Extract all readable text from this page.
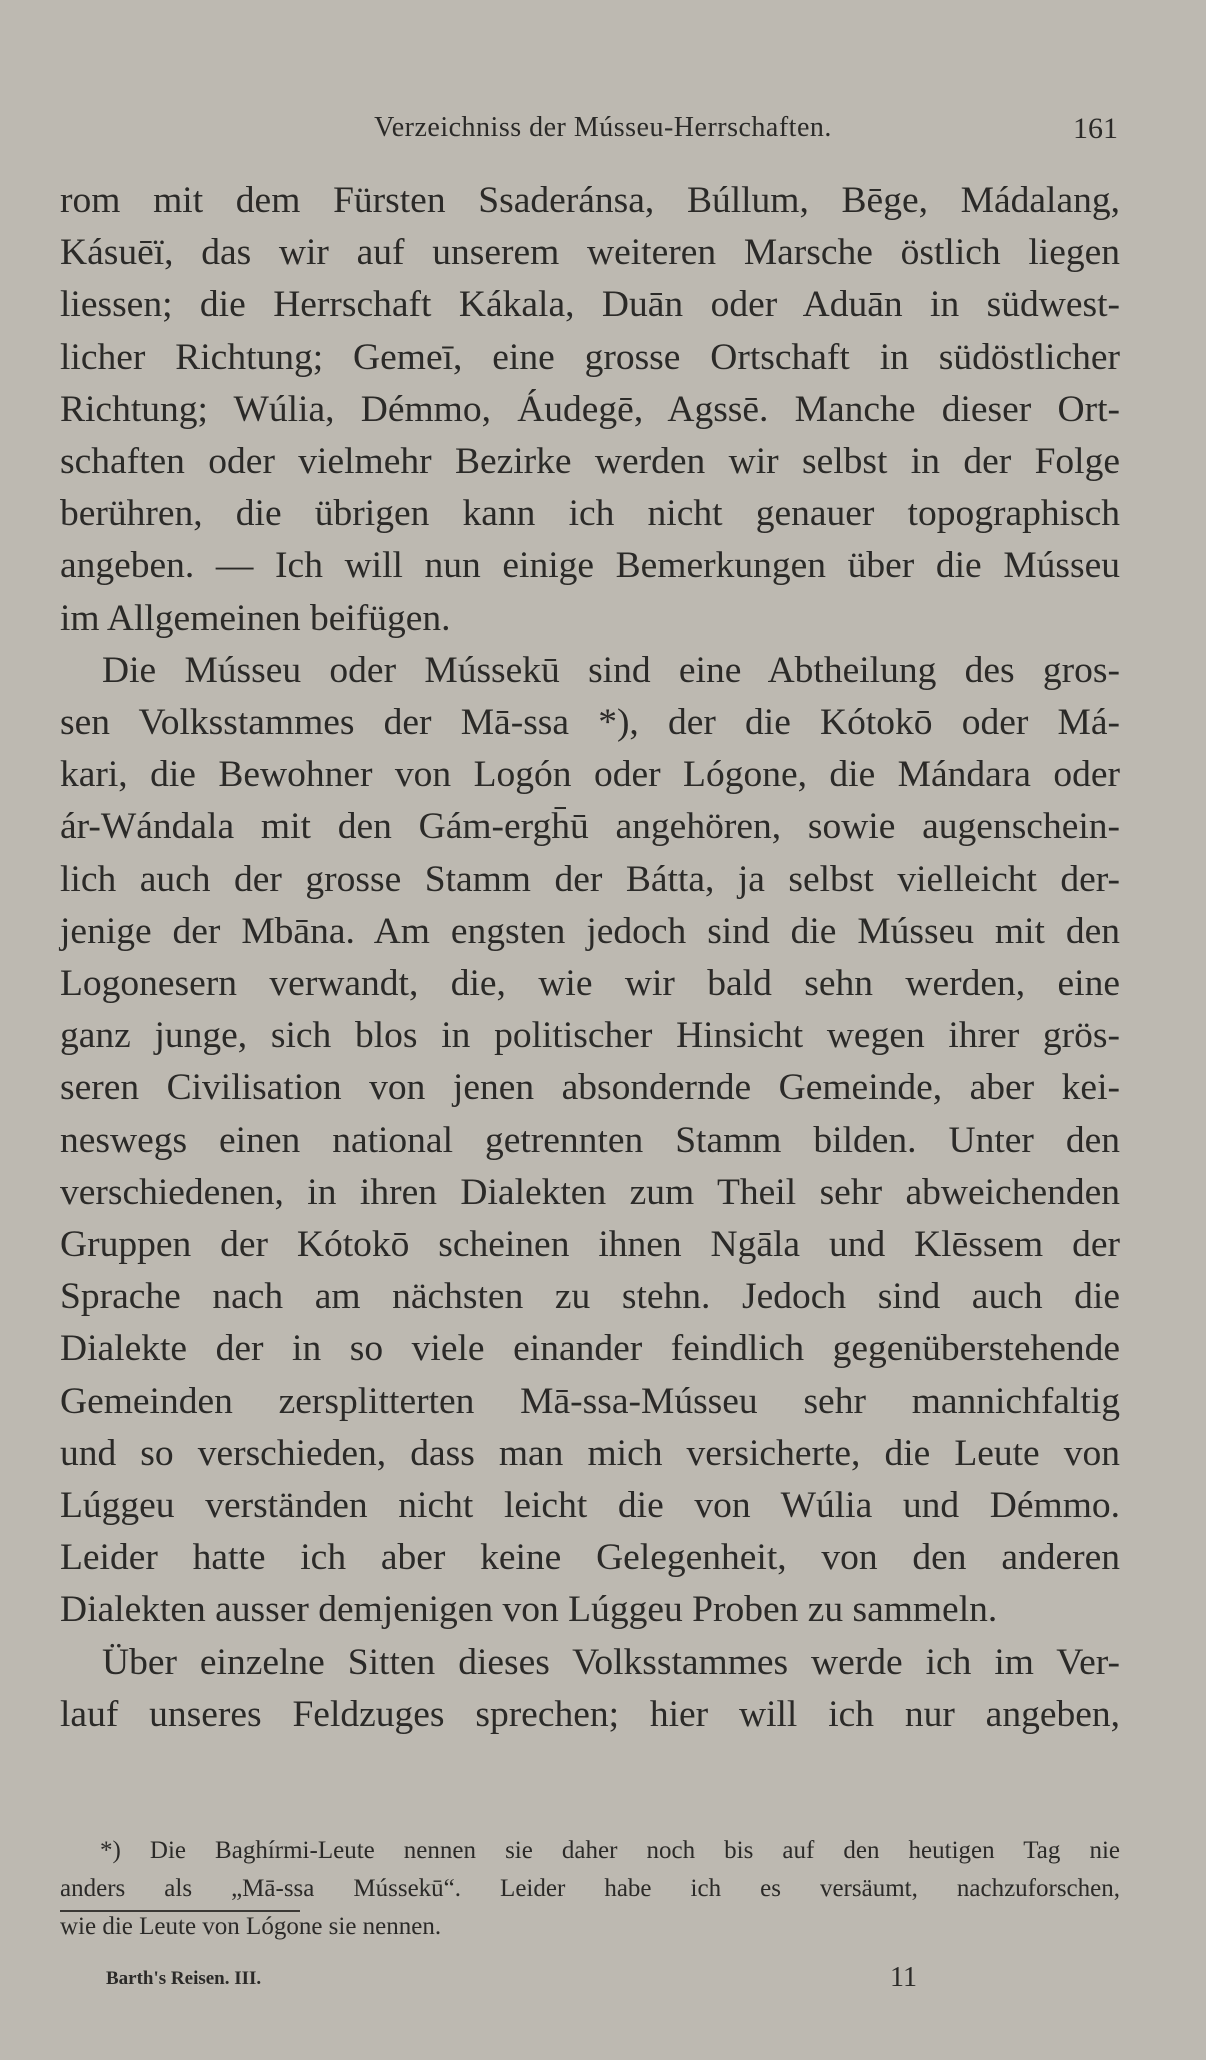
Verzeichniss der Músseu-Herrschaften.	161
rom mit dem Fürsten Ssaderánsa, Búllum, Bēge, Mádalang,
Kásuēï, das wir auf unserem weiteren Marsche östlich liegen
liessen; die Herrschaft Kákala, Duān oder Aduān in südwest-
licher Richtung; Gemeī, eine grosse Ortschaft in südöstlicher
Richtung; Wúlia, Démmo, Áudegē, Agssē. Manche dieser Ort-
schaften oder vielmehr Bezirke werden wir selbst in der Folge
berühren, die übrigen kann ich nicht genauer topographisch
angeben. — Ich will nun einige Bemerkungen über die Músseu
im Allgemeinen beifügen.
Die Músseu oder Mússekū sind eine Abtheilung des gros-
sen Volksstammes der Mā-ssa *), der die Kótokō oder Má-
kari, die Bewohner von Logón oder Lógone, die Mándara oder
ár-Wándala mit den Gám-ergh̄ū angehören, sowie augenschein-
lich auch der grosse Stamm der Bátta, ja selbst vielleicht der-
jenige der Mbāna. Am engsten jedoch sind die Músseu mit den
Logonesern verwandt, die, wie wir bald sehn werden, eine
ganz junge, sich blos in politischer Hinsicht wegen ihrer grös-
seren Civilisation von jenen absondernde Gemeinde, aber kei-
neswegs einen national getrennten Stamm bilden. Unter den
verschiedenen, in ihren Dialekten zum Theil sehr abweichenden
Gruppen der Kótokō scheinen ihnen Ngāla und Klēssem der
Sprache nach am nächsten zu stehn. Jedoch sind auch die
Dialekte der in so viele einander feindlich gegenüberstehende
Gemeinden zersplitterten Mā-ssa-Músseu sehr mannichfaltig
und so verschieden, dass man mich versicherte, die Leute von
Lúggeu verständen nicht leicht die von Wúlia und Démmo.
Leider hatte ich aber keine Gelegenheit, von den anderen
Dialekten ausser demjenigen von Lúggeu Proben zu sammeln.
Über einzelne Sitten dieses Volksstammes werde ich im Ver-
lauf unseres Feldzuges sprechen; hier will ich nur angeben,
*) Die Baghírmi-Leute nennen sie daher noch bis auf den heutigen Tag nie
anders als „Mā-ssa Mússekū“. Leider habe ich es versäumt, nachzuforschen,
wie die Leute von Lógone sie nennen.
Barth's Reisen. III.	11
